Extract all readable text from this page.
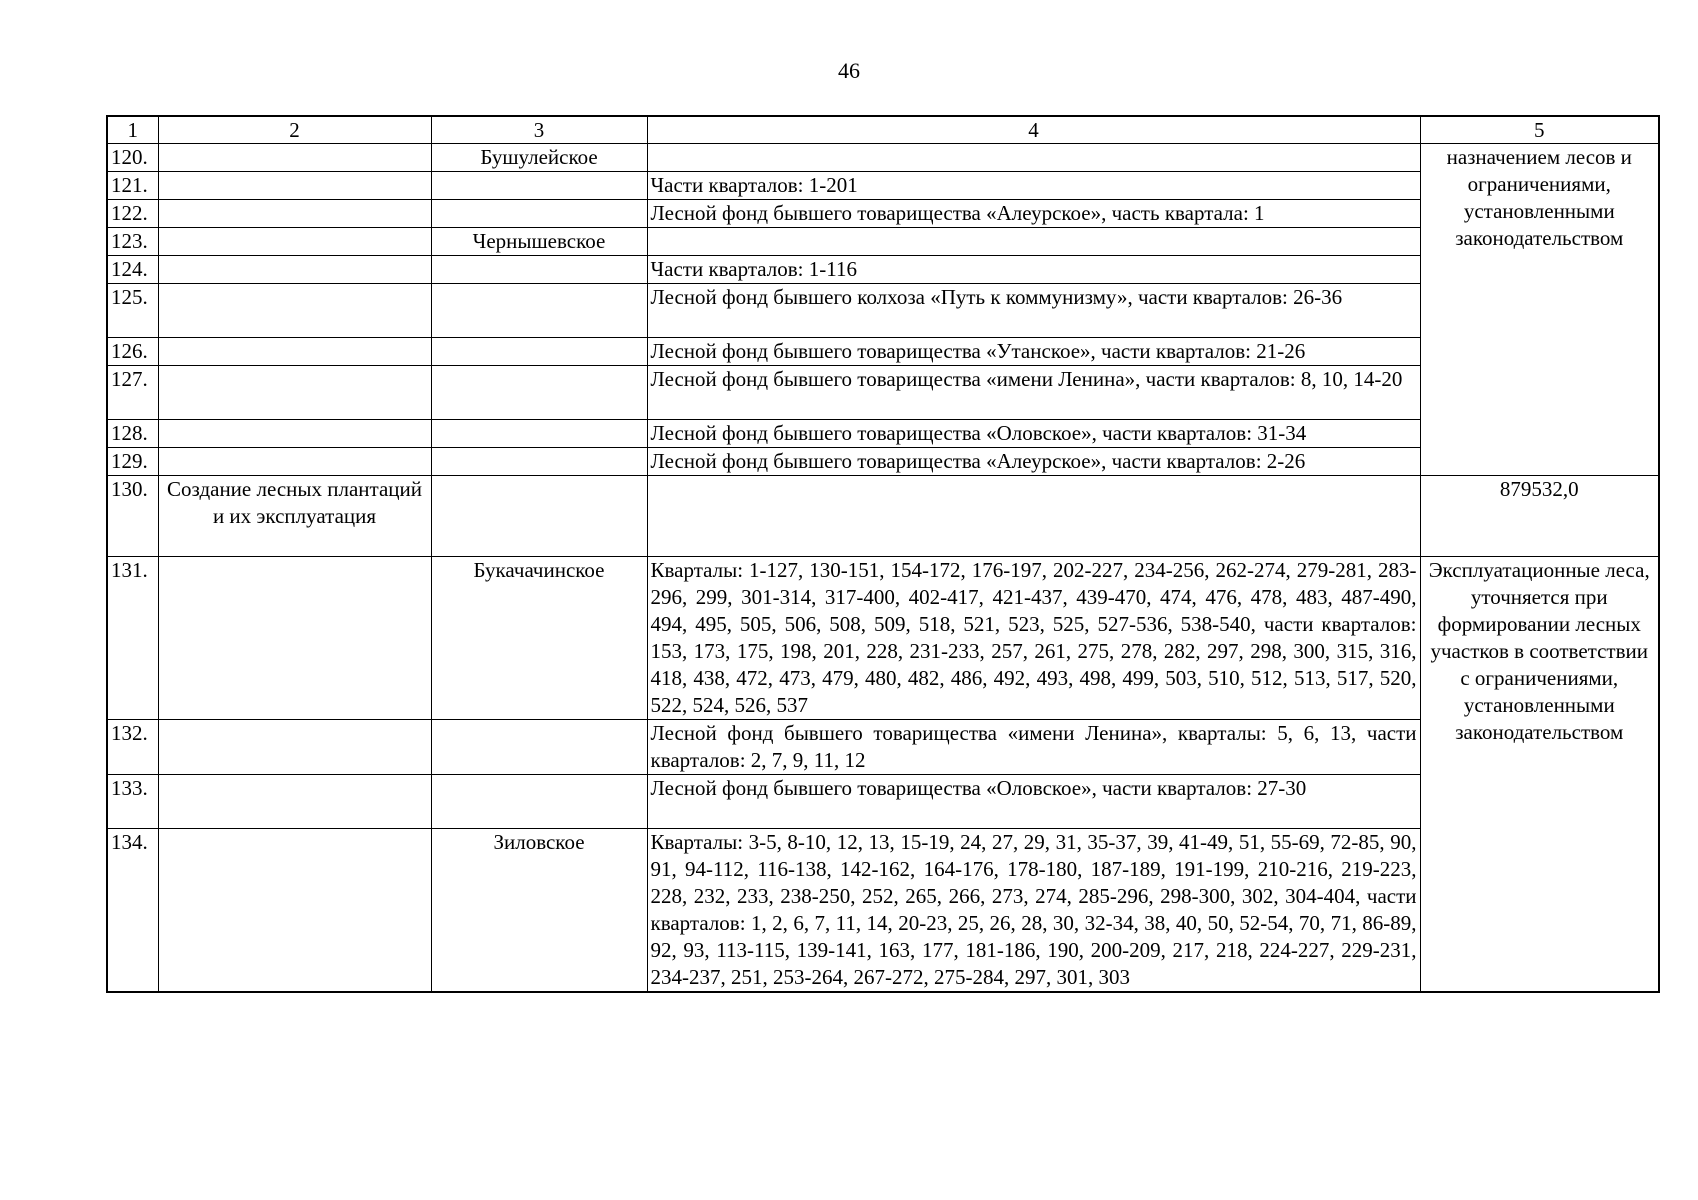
46
1	2	3	4	5
120.		Бушулейское		назначением лесов и ограничениями, установленными законодательством
121.			Части кварталов: 1-201	
122.			Лесной фонд бывшего товарищества «Алеурское», часть квартала: 1	
123.		Чернышевское		
124.			Части кварталов: 1-116	
125.			Лесной фонд бывшего колхоза «Путь к коммунизму», части кварталов: 26-36	
126.			Лесной фонд бывшего товарищества «Утанское», части кварталов: 21-26	
127.			Лесной фонд бывшего товарищества «имени Ленина», части кварталов: 8, 10, 14-20	
128.			Лесной фонд бывшего товарищества «Оловское», части кварталов: 31-34	
129.			Лесной фонд бывшего товарищества «Алеурское», части кварталов: 2-26	
130.	Создание лесных плантаций и их эксплуатация			879532,0
131.		Букачачинское	Кварталы: 1-127, 130-151, 154-172, 176-197, 202-227, 234-256, 262-274, 279-281, 283-296, 299, 301-314, 317-400, 402-417, 421-437, 439-470, 474, 476, 478, 483, 487-490, 494, 495, 505, 506, 508, 509, 518, 521, 523, 525, 527-536, 538-540, части кварталов: 153, 173, 175, 198, 201, 228, 231-233, 257, 261, 275, 278, 282, 297, 298, 300, 315, 316, 418, 438, 472, 473, 479, 480, 482, 486, 492, 493, 498, 499, 503, 510, 512, 513, 517, 520, 522, 524, 526, 537	Эксплуатационные леса, уточняется при формировании лесных участков в соответствии с ограничениями, установленными законодательством
132.			Лесной фонд бывшего товарищества «имени Ленина», кварталы: 5, 6, 13, части кварталов: 2, 7, 9, 11, 12	
133.			Лесной фонд бывшего товарищества «Оловское», части кварталов: 27-30	
134.		Зиловское	Кварталы: 3-5, 8-10, 12, 13, 15-19, 24, 27, 29, 31, 35-37, 39, 41-49, 51, 55-69, 72-85, 90, 91, 94-112, 116-138, 142-162, 164-176, 178-180, 187-189, 191-199, 210-216, 219-223, 228, 232, 233, 238-250, 252, 265, 266, 273, 274, 285-296, 298-300, 302, 304-404, части кварталов: 1, 2, 6, 7, 11, 14, 20-23, 25, 26, 28, 30, 32-34, 38, 40, 50, 52-54, 70, 71, 86-89, 92, 93, 113-115, 139-141, 163, 177, 181-186, 190, 200-209, 217, 218, 224-227, 229-231, 234-237, 251, 253-264, 267-272, 275-284, 297, 301, 303	
